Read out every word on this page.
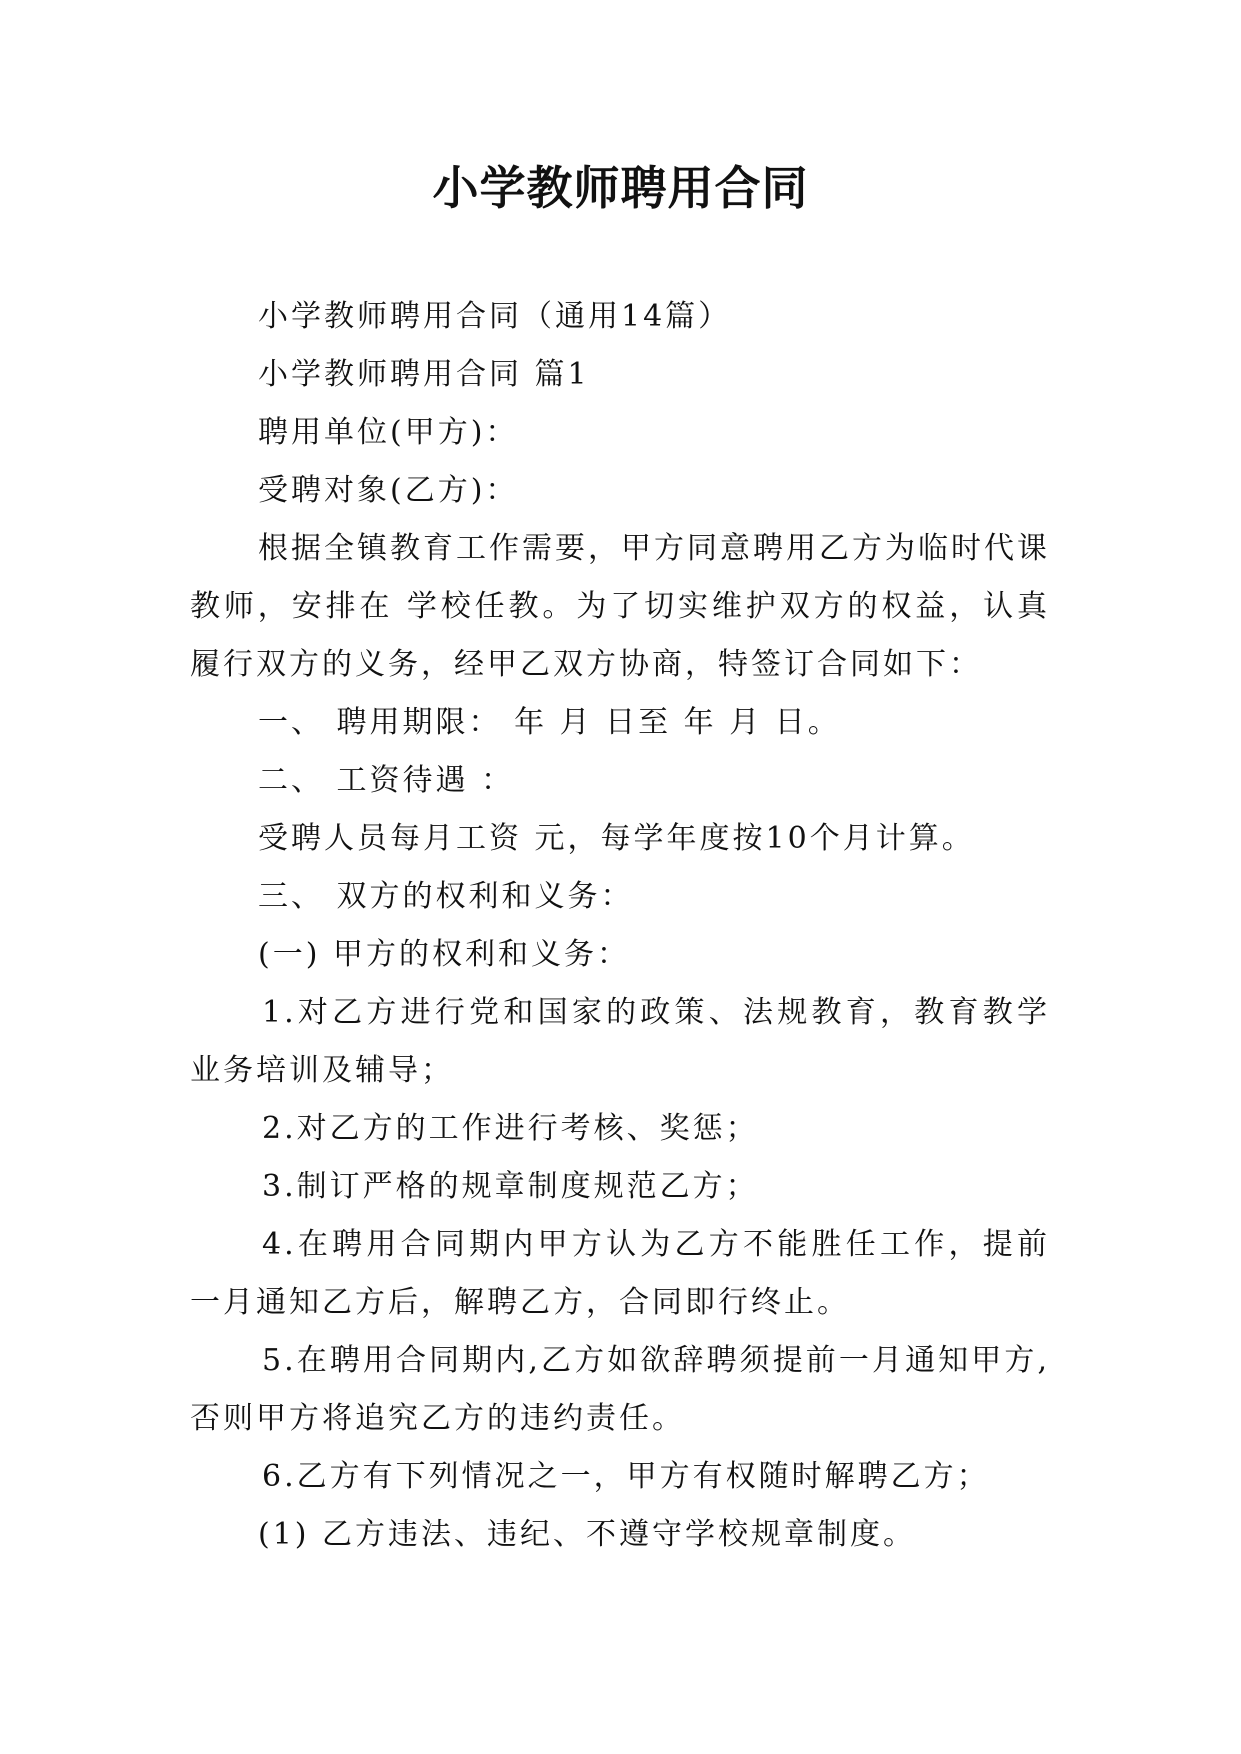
小学教师聘用合同

小学教师聘用合同（通用14篇）

小学教师聘用合同 篇1

聘用单位(甲方)：

受聘对象(乙方)：

根据全镇教育工作需要，甲方同意聘用乙方为临时代课教师，安排在 学校任教。为了切实维护双方的权益，认真履行双方的义务，经甲乙双方协商，特签订合同如下：

一、 聘用期限： 年 月 日至 年 月 日。

二、 工资待遇 ：

受聘人员每月工资 元，每学年度按10个月计算。

三、 双方的权利和义务：

(一) 甲方的权利和义务：

1.对乙方进行党和国家的政策、法规教育，教育教学业务培训及辅导；

2.对乙方的工作进行考核、奖惩；

3.制订严格的规章制度规范乙方；

4.在聘用合同期内甲方认为乙方不能胜任工作，提前一月通知乙方后，解聘乙方，合同即行终止。

5.在聘用合同期内,乙方如欲辞聘须提前一月通知甲方,否则甲方将追究乙方的违约责任。

6.乙方有下列情况之一，甲方有权随时解聘乙方；

(1) 乙方违法、违纪、不遵守学校规章制度。
